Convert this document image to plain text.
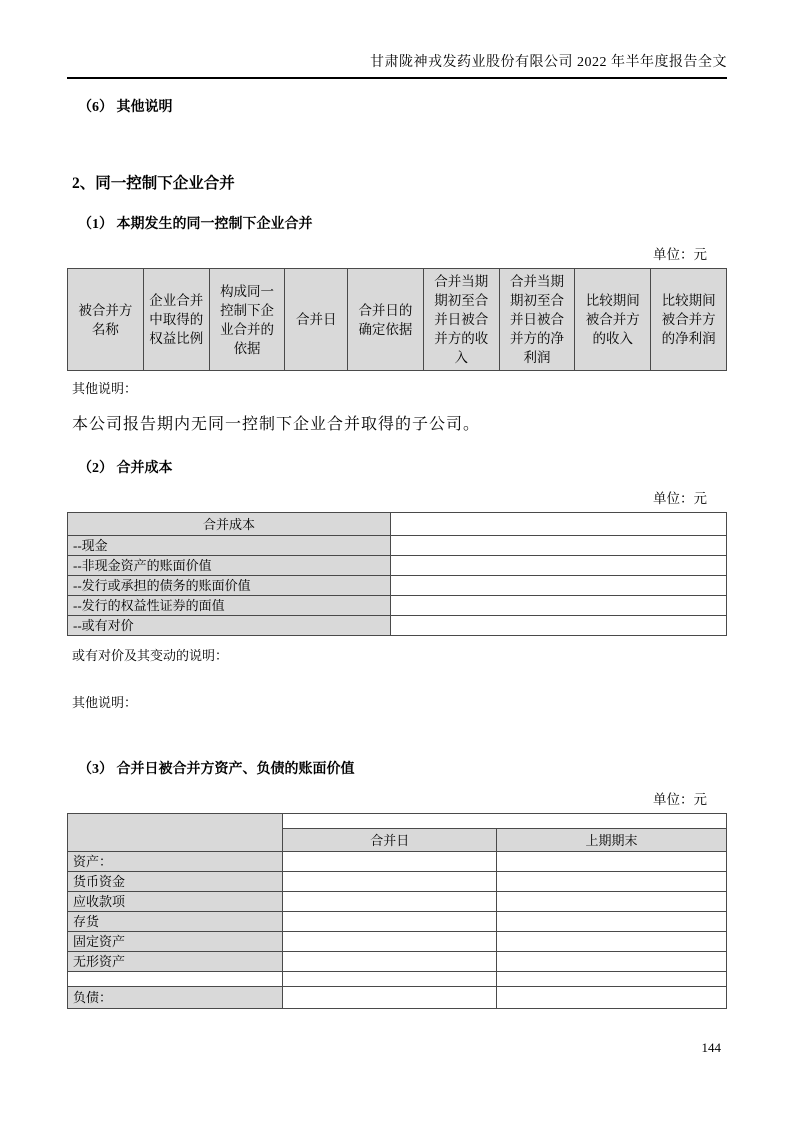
甘肃陇神戎发药业股份有限公司 2022 年半年度报告全文
（6） 其他说明
2、同一控制下企业合并
（1） 本期发生的同一控制下企业合并
单位：元
被合并方名称	企业合并中取得的权益比例	构成同一控制下企业合并的依据	合并日	合并日的确定依据	合并当期期初至合并日被合并方的收入	合并当期期初至合并日被合并方的净利润	比较期间被合并方的收入	比较期间被合并方的净利润
其他说明：
本公司报告期内无同一控制下企业合并取得的子公司。
（2） 合并成本
单位：元
合并成本	
--现金	
--非现金资产的账面价值	
--发行或承担的债务的账面价值	
--发行的权益性证券的面值	
--或有对价	
或有对价及其变动的说明：
其他说明：
（3） 合并日被合并方资产、负债的账面价值
单位：元

	合并日	上期期末
资产：		
货币资金		
应收款项		
存货		
固定资产		
无形资产		

负债：		
144
